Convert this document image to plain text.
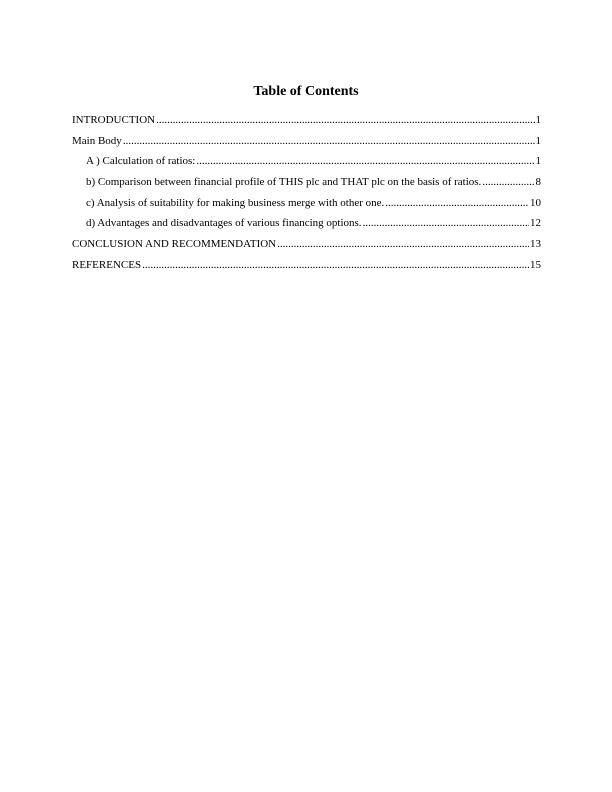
Table of Contents
INTRODUCTION .....	1
Main Body .....	1
A ) Calculation of ratios: .....	1
b) Comparison between financial profile of THIS plc and THAT plc on the basis of ratios. .....	8
c) Analysis of suitability for making business merge with other one. .....	10
d) Advantages and disadvantages of various financing options. .....	12
CONCLUSION AND RECOMMENDATION .....	13
REFERENCES .....	15
